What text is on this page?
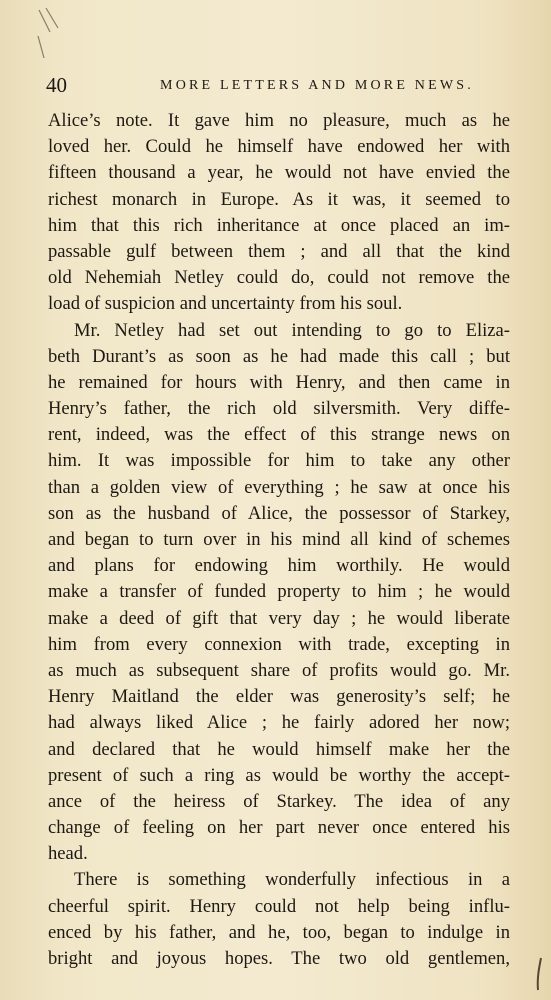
40	MORE LETTERS AND MORE NEWS.
Alice’s note. It gave him no pleasure, much as he
loved her. Could he himself have endowed her with
fifteen thousand a year, he would not have envied the
richest monarch in Europe. As it was, it seemed to
him that this rich inheritance at once placed an im-
passable gulf between them ; and all that the kind
old Nehemiah Netley could do, could not remove the
load of suspicion and uncertainty from his soul.
Mr. Netley had set out intending to go to Eliza-
beth Durant’s as soon as he had made this call ; but
he remained for hours with Henry, and then came in
Henry’s father, the rich old silversmith. Very diffe-
rent, indeed, was the effect of this strange news on
him. It was impossible for him to take any other
than a golden view of everything ; he saw at once his
son as the husband of Alice, the possessor of Starkey,
and began to turn over in his mind all kind of schemes
and plans for endowing him worthily. He would
make a transfer of funded property to him ; he would
make a deed of gift that very day ; he would liberate
him from every connexion with trade, excepting in
as much as subsequent share of profits would go. Mr.
Henry Maitland the elder was generosity’s self; he
had always liked Alice ; he fairly adored her now;
and declared that he would himself make her the
present of such a ring as would be worthy the accept-
ance of the heiress of Starkey. The idea of any
change of feeling on her part never once entered his
head.
There is something wonderfully infectious in a
cheerful spirit. Henry could not help being influ-
enced by his father, and he, too, began to indulge in
bright and joyous hopes. The two old gentlemen,
